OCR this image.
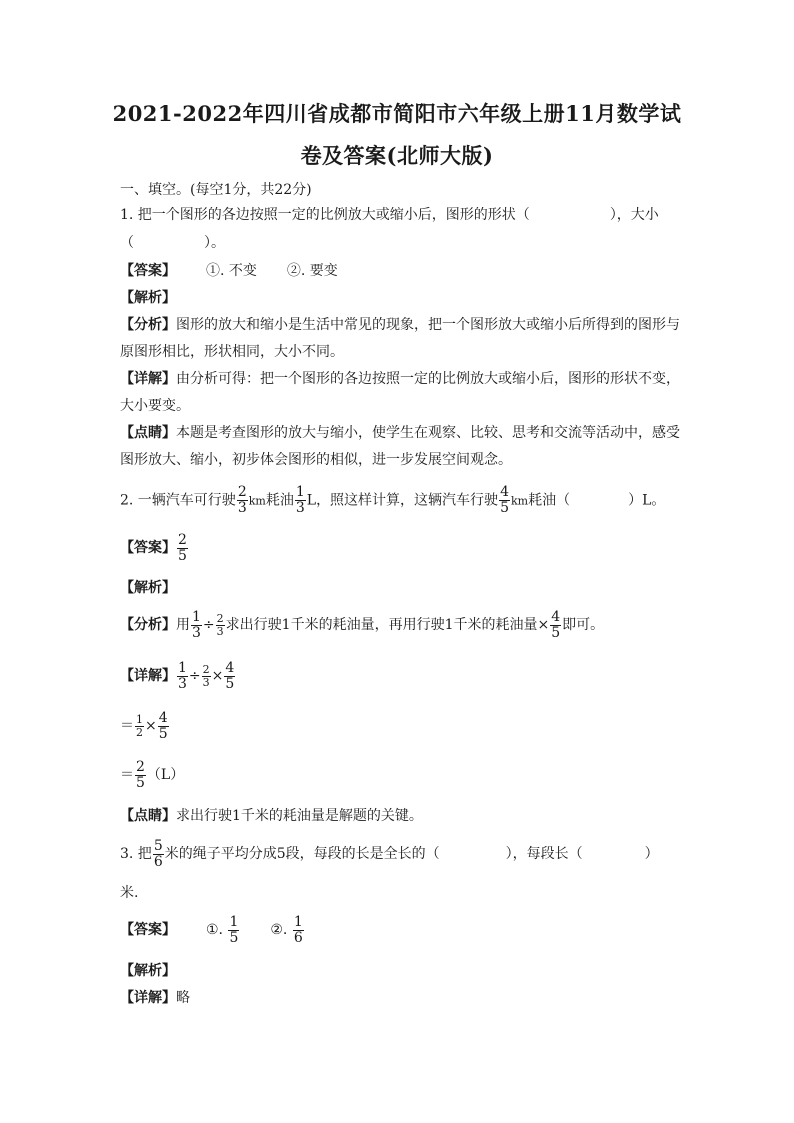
2021-2022年四川省成都市简阳市六年级上册11月数学试
卷及答案(北师大版)
一、填空。(每空1分，共22分)
1. 把一个图形的各边按照一定的比例放大或缩小后，图形的形状（	），大小
（	）。
【答案】 ①. 不变 ②. 要变
【解析】
【分析】图形的放大和缩小是生活中常见的现象，把一个图形放大或缩小后所得到的图形与
原图形相比，形状相同，大小不同。
【详解】由分析可得：把一个图形的各边按照一定的比例放大或缩小后，图形的形状不变，
大小要变。
【点睛】本题是考查图形的放大与缩小，使学生在观察、比较、思考和交流等活动中，感受
图形放大、缩小，初步体会图形的相似，进一步发展空间观念。
2. 一辆汽车可行驶 $\frac{2}{3}$ km耗油 $\frac{1}{3}$ L，照这样计算，这辆汽车行驶 $\frac{4}{5}$ km耗油（	）L。
【答案】 $\frac{2}{5}$
【解析】
【分析】用 $\frac{1}{3} \div \frac{2}{3}$ 求出行驶1千米的耗油量，再用行驶1千米的耗油量× $\frac{4}{5}$ 即可。
【详解】 $\frac{1}{3} \div \frac{2}{3} \times \frac{4}{5}$
＝ $\frac{1}{2} \times \frac{4}{5}$
＝ $\frac{2}{5} (L)$
【点睛】求出行驶1千米的耗油量是解题的关键。
3. 把 $\frac{5}{6}$ 米的绳子平均分成5段，每段的长是全长的（	），每段长（	）
米.
【答案】 ①. $\frac{1}{5}$ ②. $\frac{1}{6}$
【解析】
【详解】略
